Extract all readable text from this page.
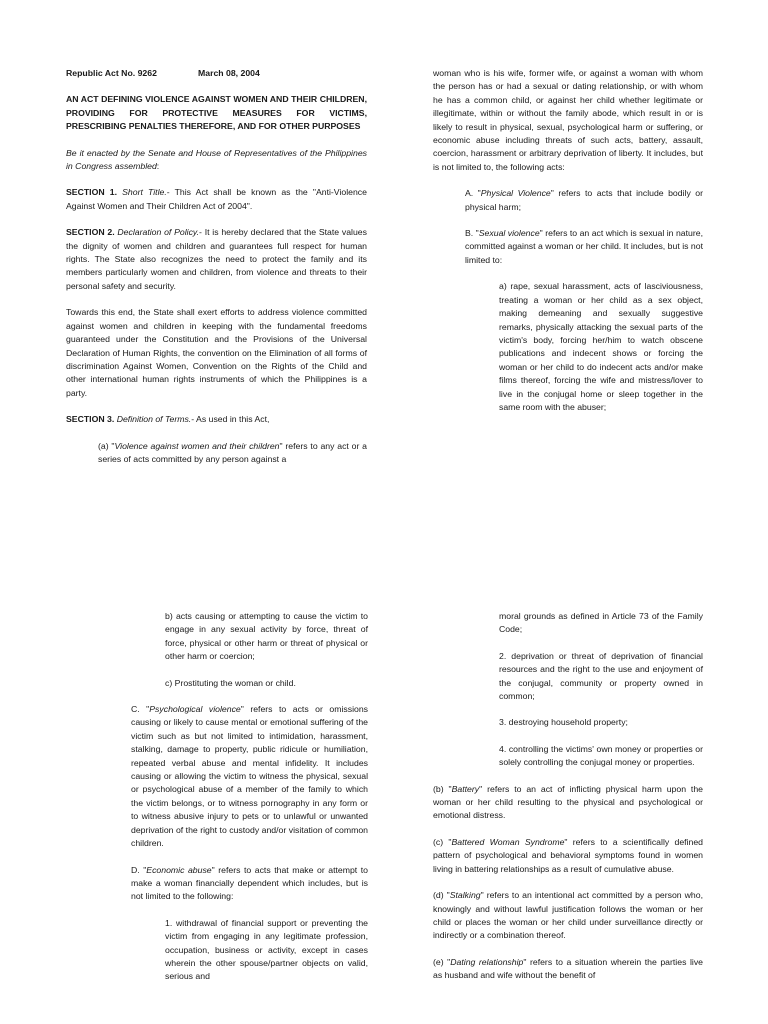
Republic Act No. 9262	March 08, 2004

AN ACT DEFINING VIOLENCE AGAINST WOMEN AND THEIR CHILDREN, PROVIDING FOR PROTECTIVE MEASURES FOR VICTIMS, PRESCRIBING PENALTIES THEREFORE, AND FOR OTHER PURPOSES

Be it enacted by the Senate and House of Representatives of the Philippines in Congress assembled:

SECTION 1. Short Title.- This Act shall be known as the "Anti-Violence Against Women and Their Children Act of 2004".

SECTION 2. Declaration of Policy.- It is hereby declared that the State values the dignity of women and children and guarantees full respect for human rights. The State also recognizes the need to protect the family and its members particularly women and children, from violence and threats to their personal safety and security.

Towards this end, the State shall exert efforts to address violence committed against women and children in keeping with the fundamental freedoms guaranteed under the Constitution and the Provisions of the Universal Declaration of Human Rights, the convention on the Elimination of all forms of discrimination Against Women, Convention on the Rights of the Child and other international human rights instruments of which the Philippines is a party.

SECTION 3. Definition of Terms.- As used in this Act,

(a) "Violence against women and their children" refers to any act or a series of acts committed by any person against a

woman who is his wife, former wife, or against a woman with whom the person has or had a sexual or dating relationship, or with whom he has a common child, or against her child whether legitimate or illegitimate, within or without the family abode, which result in or is likely to result in physical, sexual, psychological harm or suffering, or economic abuse including threats of such acts, battery, assault, coercion, harassment or arbitrary deprivation of liberty. It includes, but is not limited to, the following acts:

A. "Physical Violence" refers to acts that include bodily or physical harm;

B. "Sexual violence" refers to an act which is sexual in nature, committed against a woman or her child. It includes, but is not limited to:

a) rape, sexual harassment, acts of lasciviousness, treating a woman or her child as a sex object, making demeaning and sexually suggestive remarks, physically attacking the sexual parts of the victim's body, forcing her/him to watch obscene publications and indecent shows or forcing the woman or her child to do indecent acts and/or make films thereof, forcing the wife and mistress/lover to live in the conjugal home or sleep together in the same room with the abuser;

b) acts causing or attempting to cause the victim to engage in any sexual activity by force, threat of force, physical or other harm or threat of physical or other harm or coercion;

c) Prostituting the woman or child.

C. "Psychological violence" refers to acts or omissions causing or likely to cause mental or emotional suffering of the victim such as but not limited to intimidation, harassment, stalking, damage to property, public ridicule or humiliation, repeated verbal abuse and mental infidelity. It includes causing or allowing the victim to witness the physical, sexual or psychological abuse of a member of the family to which the victim belongs, or to witness pornography in any form or to witness abusive injury to pets or to unlawful or unwanted deprivation of the right to custody and/or visitation of common children.

D. "Economic abuse" refers to acts that make or attempt to make a woman financially dependent which includes, but is not limited to the following:

1. withdrawal of financial support or preventing the victim from engaging in any legitimate profession, occupation, business or activity, except in cases wherein the other spouse/partner objects on valid, serious and

moral grounds as defined in Article 73 of the Family Code;

2. deprivation or threat of deprivation of financial resources and the right to the use and enjoyment of the conjugal, community or property owned in common;

3. destroying household property;

4. controlling the victims' own money or properties or solely controlling the conjugal money or properties.

(b) "Battery" refers to an act of inflicting physical harm upon the woman or her child resulting to the physical and psychological or emotional distress.

(c) "Battered Woman Syndrome" refers to a scientifically defined pattern of psychological and behavioral symptoms found in women living in battering relationships as a result of cumulative abuse.

(d) "Stalking" refers to an intentional act committed by a person who, knowingly and without lawful justification follows the woman or her child or places the woman or her child under surveillance directly or indirectly or a combination thereof.

(e) "Dating relationship" refers to a situation wherein the parties live as husband and wife without the benefit of
